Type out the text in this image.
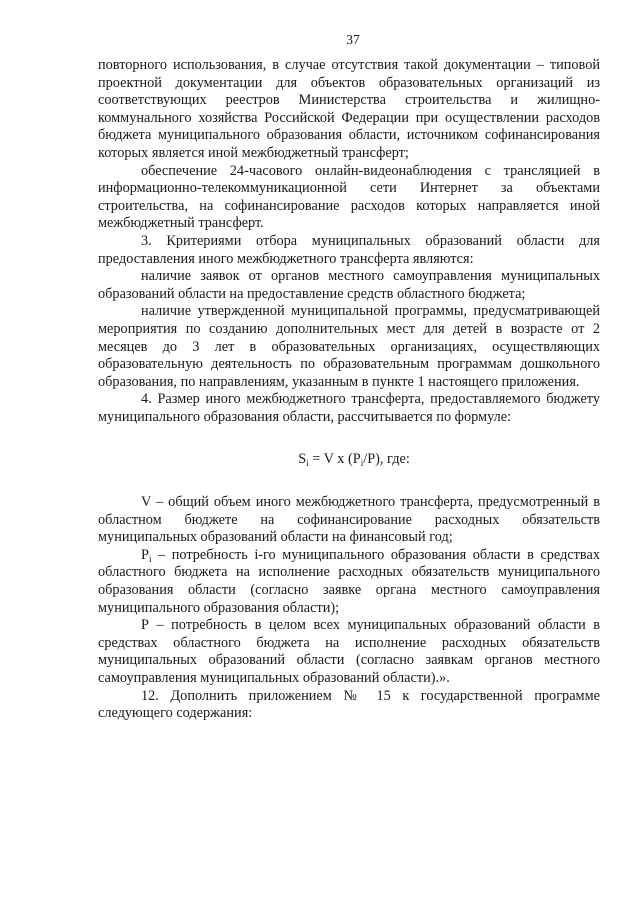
37

повторного использования, в случае отсутствия такой документации – типовой проектной документации для объектов образовательных организаций из соответствующих реестров Министерства строительства и жилищно-коммунального хозяйства Российской Федерации при осуществлении расходов бюджета муниципального образования области, источником софинансирования которых является иной межбюджетный трансферт;

обеспечение 24-часового онлайн-видеонаблюдения с трансляцией в информационно-телекоммуникационной сети Интернет за объектами строительства, на софинансирование расходов которых направляется иной межбюджетный трансферт.

3. Критериями отбора муниципальных образований области для предоставления иного межбюджетного трансферта являются:

наличие заявок от органов местного самоуправления муниципальных образований области на предоставление средств областного бюджета;

наличие утвержденной муниципальной программы, предусматривающей мероприятия по созданию дополнительных мест для детей в возрасте от 2 месяцев до 3 лет в образовательных организациях, осуществляющих образовательную деятельность по образовательным программам дошкольного образования, по направлениям, указанным в пункте 1 настоящего приложения.

4. Размер иного межбюджетного трансферта, предоставляемого бюджету муниципального образования области, рассчитывается по формуле:

$S_i = V$ x $(P_i/P)$, где:

V – общий объем иного межбюджетного трансферта, предусмотренный в областном бюджете на софинансирование расходных обязательств муниципальных образований области на финансовый год;

$P_i$ – потребность i-го муниципального образования области в средствах областного бюджета на исполнение расходных обязательств муниципального образования области (согласно заявке органа местного самоуправления муниципального образования области);

Р – потребность в целом всех муниципальных образований области в средствах областного бюджета на исполнение расходных обязательств муниципальных образований области (согласно заявкам органов местного самоуправления муниципальных образований области).».

12. Дополнить приложением № 15 к государственной программе следующего содержания:
